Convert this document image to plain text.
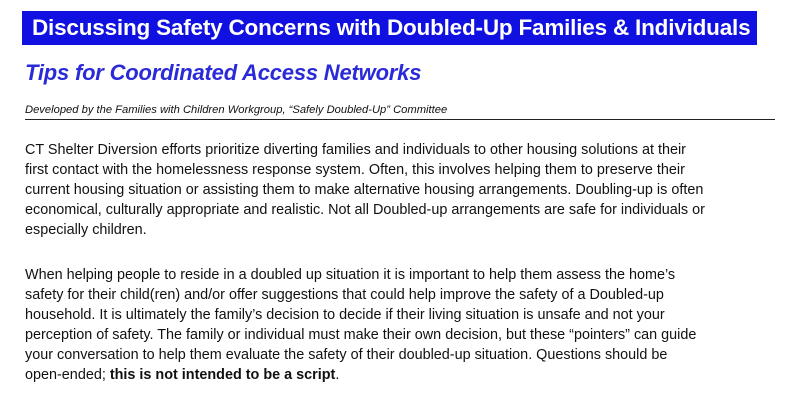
Discussing Safety Concerns with Doubled-Up Families & Individuals
Tips for Coordinated Access Networks
Developed by the Families with Children Workgroup, “Safely Doubled-Up” Committee

CT Shelter Diversion efforts prioritize diverting families and individuals to other housing solutions at their
first contact with the homelessness response system. Often, this involves helping them to preserve their
current housing situation or assisting them to make alternative housing arrangements. Doubling-up is often
economical, culturally appropriate and realistic. Not all Doubled-up arrangements are safe for individuals or
especially children.

When helping people to reside in a doubled up situation it is important to help them assess the home’s
safety for their child(ren) and/or offer suggestions that could help improve the safety of a Doubled-up
household. It is ultimately the family’s decision to decide if their living situation is unsafe and not your
perception of safety. The family or individual must make their own decision, but these “pointers” can guide
your conversation to help them evaluate the safety of their doubled-up situation. Questions should be
open-ended; this is not intended to be a script.
